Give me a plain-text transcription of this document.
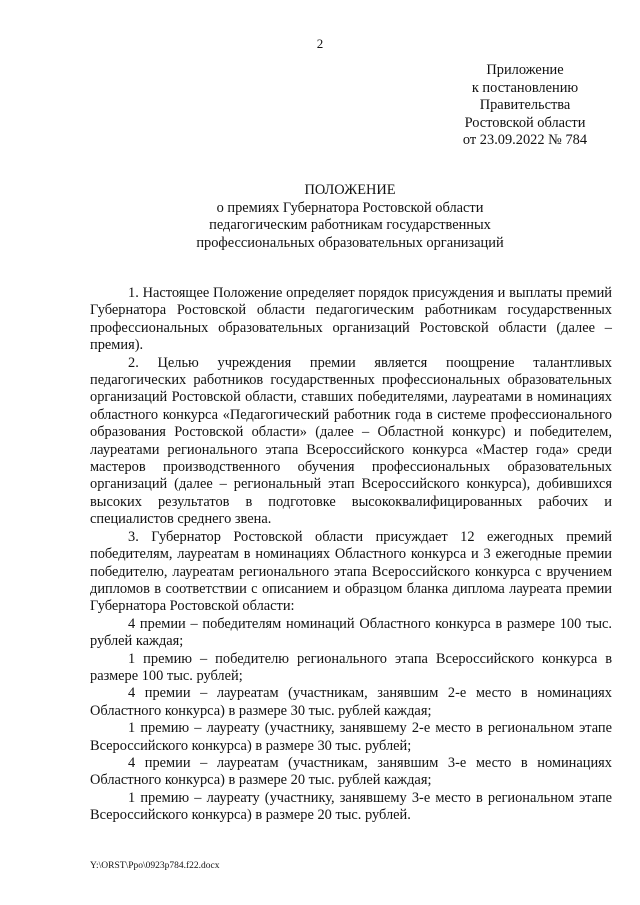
2
Приложение
к постановлению
Правительства
Ростовской области
от 23.09.2022 № 784
ПОЛОЖЕНИЕ
о премиях Губернатора Ростовской области
педагогическим работникам государственных
профессиональных образовательных организаций

1. Настоящее Положение определяет порядок присуждения и выплаты премий Губернатора Ростовской области педагогическим работникам государственных профессиональных образовательных организаций Ростовской области (далее – премия).

2. Целью учреждения премии является поощрение талантливых педагогических работников государственных профессиональных образовательных организаций Ростовской области, ставших победителями, лауреатами в номинациях областного конкурса «Педагогический работник года в системе профессионального образования Ростовской области» (далее – Областной конкурс) и победителем, лауреатами регионального этапа Всероссийского конкурса «Мастер года» среди мастеров производственного обучения профессиональных образовательных организаций (далее – региональный этап Всероссийского конкурса), добившихся высоких результатов в подготовке высококвалифицированных рабочих и специалистов среднего звена.

3. Губернатор Ростовской области присуждает 12 ежегодных премий победителям, лауреатам в номинациях Областного конкурса и 3 ежегодные премии победителю, лауреатам регионального этапа Всероссийского конкурса с вручением дипломов в соответствии с описанием и образцом бланка диплома лауреата премии Губернатора Ростовской области:

4 премии – победителям номинаций Областного конкурса в размере 100 тыс. рублей каждая;

1 премию – победителю регионального этапа Всероссийского конкурса в размере 100 тыс. рублей;

4 премии – лауреатам (участникам, занявшим 2-е место в номинациях Областного конкурса) в размере 30 тыс. рублей каждая;

1 премию – лауреату (участнику, занявшему 2-е место в региональном этапе Всероссийского конкурса) в размере 30 тыс. рублей;

4 премии – лауреатам (участникам, занявшим 3-е место в номинациях Областного конкурса) в размере 20 тыс. рублей каждая;

1 премию – лауреату (участнику, занявшему 3-е место в региональном этапе Всероссийского конкурса) в размере 20 тыс. рублей.

Y:\ORST\Ppo\0923p784.f22.docx
